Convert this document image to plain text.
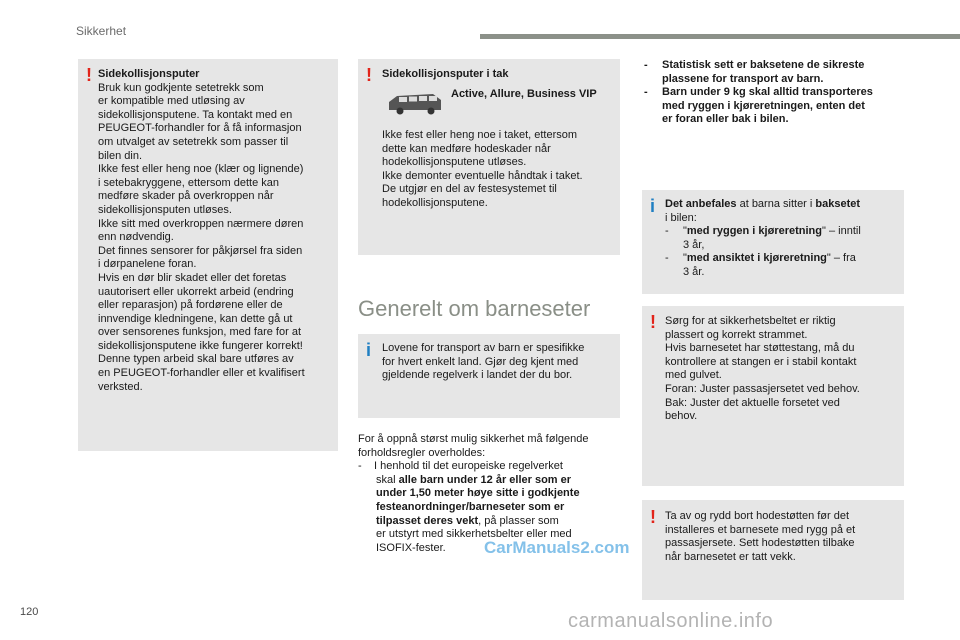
Sikkerhet
! Sidekollisjonsputer
Bruk kun godkjente setetrekk som
er kompatible med utløsing av
sidekollisjonsputene. Ta kontakt med en
PEUGEOT-forhandler for å få informasjon
om utvalget av setetrekk som passer til
bilen din.
Ikke fest eller heng noe (klær og lignende)
i setebakryggene, ettersom dette kan
medføre skader på overkroppen når
sidekollisjonsputen utløses.
Ikke sitt med overkroppen nærmere døren
enn nødvendig.
Det finnes sensorer for påkjørsel fra siden
i dørpanelene foran.
Hvis en dør blir skadet eller det foretas
uautorisert eller ukorrekt arbeid (endring
eller reparasjon) på fordørene eller de
innvendige kledningene, kan dette gå ut
over sensorenes funksjon, med fare for at
sidekollisjonsputene ikke fungerer korrekt!
Denne typen arbeid skal bare utføres av
en PEUGEOT-forhandler eller et kvalifisert
verksted.
! Sidekollisjonsputer i tak
Active, Allure, Business VIP
Ikke fest eller heng noe i taket, ettersom
dette kan medføre hodeskader når
hodekollisjonsputene utløses.
Ikke demonter eventuelle håndtak i taket.
De utgjør en del av festesystemet til
hodekollisjonsputene.
Generelt om barneseter
i Lovene for transport av barn er spesifikke
for hvert enkelt land. Gjør deg kjent med
gjeldende regelverk i landet der du bor.
For å oppnå størst mulig sikkerhet må følgende
forholdsregler overholdes:
- I henhold til det europeiske regelverket
skal alle barn under 12 år eller som er
under 1,50 meter høye sitte i godkjente
festeanordninger/barneseter som er
tilpasset deres vekt, på plasser som
er utstyrt med sikkerhetsbelter eller med
ISOFIX-fester.
- Statistisk sett er baksetene de sikreste
plassene for transport av barn.
- Barn under 9 kg skal alltid transporteres
med ryggen i kjøreretningen, enten det
er foran eller bak i bilen.
i Det anbefales at barna sitter i baksetet
i bilen:
- "med ryggen i kjøreretning" – inntil
3 år,
- "med ansiktet i kjøreretning" – fra
3 år.
! Sørg for at sikkerhetsbeltet er riktig
plassert og korrekt strammet.
Hvis barnesetet har støttestang, må du
kontrollere at stangen er i stabil kontakt
med gulvet.
Foran: Juster passasjersetet ved behov.
Bak: Juster det aktuelle forsetet ved
behov.
! Ta av og rydd bort hodestøtten før det
installeres et barnesete med rygg på et
passasjersete. Sett hodestøtten tilbake
når barnesetet er tatt vekk.
120
CarManuals2.com
carmanualsonline.info
